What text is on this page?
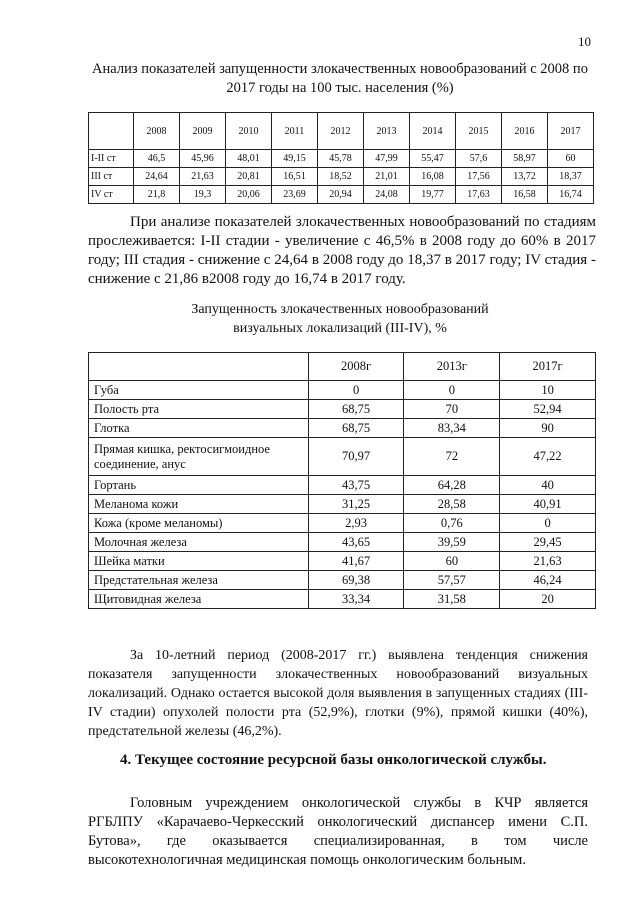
10
Анализ показателей запущенности злокачественных новообразований с 2008 по 2017 годы на 100 тыс. населения (%)
	2008	2009	2010	2011	2012	2013	2014	2015	2016	2017
I-II ст	46,5	45,96	48,01	49,15	45,78	47,99	55,47	57,6	58,97	60
III ст	24,64	21,63	20,81	16,51	18,52	21,01	16,08	17,56	13,72	18,37
IV ст	21,8	19,3	20,06	23,69	20,94	24,08	19,77	17,63	16,58	16,74
При анализе показателей злокачественных новообразований по стадиям прослеживается: I-II стадии - увеличение с 46,5% в 2008 году до 60% в 2017 году; III стадия - снижение с 24,64 в 2008 году до 18,37 в 2017 году; IV стадия - снижение с 21,86 в2008 году до 16,74 в 2017 году.
Запущенность злокачественных новообразований
визуальных локализаций (III-IV), %
	2008г	2013г	2017г
Губа	0	0	10
Полость рта	68,75	70	52,94
Глотка	68,75	83,34	90
Прямая кишка, ректосигмоидное соединение, анус	70,97	72	47,22
Гортань	43,75	64,28	40
Меланома кожи	31,25	28,58	40,91
Кожа (кроме меланомы)	2,93	0,76	0
Молочная железа	43,65	39,59	29,45
Шейка матки	41,67	60	21,63
Предстательная железа	69,38	57,57	46,24
Щитовидная железа	33,34	31,58	20
За 10-летний период (2008-2017 гг.) выявлена тенденция снижения показателя запущенности злокачественных новообразований визуальных локализаций. Однако остается высокой доля выявления в запущенных стадиях (III-IV стадии) опухолей полости рта (52,9%), глотки (9%), прямой кишки (40%), предстательной железы (46,2%).
4. Текущее состояние ресурсной базы онкологической службы.
Головным учреждением онкологической службы в КЧР является РГБЛПУ «Карачаево-Черкесский онкологический диспансер имени С.П. Бутова», где оказывается специализированная, в том числе высокотехнологичная медицинская помощь онкологическим больным.
